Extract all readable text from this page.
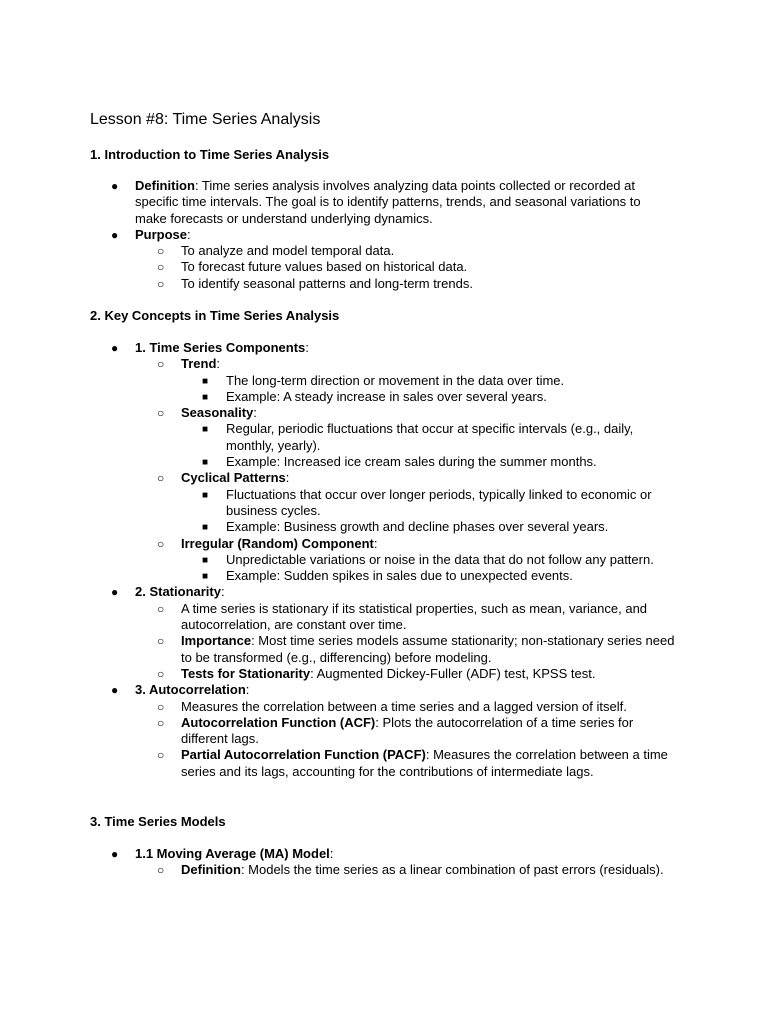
Lesson #8: Time Series Analysis
1. Introduction to Time Series Analysis
● Definition: Time series analysis involves analyzing data points collected or recorded at specific time intervals. The goal is to identify patterns, trends, and seasonal variations to make forecasts or understand underlying dynamics.
● Purpose:
○ To analyze and model temporal data.
○ To forecast future values based on historical data.
○ To identify seasonal patterns and long-term trends.
2. Key Concepts in Time Series Analysis
● 1. Time Series Components:
○ Trend:
■ The long-term direction or movement in the data over time.
■ Example: A steady increase in sales over several years.
○ Seasonality:
■ Regular, periodic fluctuations that occur at specific intervals (e.g., daily, monthly, yearly).
■ Example: Increased ice cream sales during the summer months.
○ Cyclical Patterns:
■ Fluctuations that occur over longer periods, typically linked to economic or business cycles.
■ Example: Business growth and decline phases over several years.
○ Irregular (Random) Component:
■ Unpredictable variations or noise in the data that do not follow any pattern.
■ Example: Sudden spikes in sales due to unexpected events.
● 2. Stationarity:
○ A time series is stationary if its statistical properties, such as mean, variance, and autocorrelation, are constant over time.
○ Importance: Most time series models assume stationarity; non-stationary series need to be transformed (e.g., differencing) before modeling.
○ Tests for Stationarity: Augmented Dickey-Fuller (ADF) test, KPSS test.
● 3. Autocorrelation:
○ Measures the correlation between a time series and a lagged version of itself.
○ Autocorrelation Function (ACF): Plots the autocorrelation of a time series for different lags.
○ Partial Autocorrelation Function (PACF): Measures the correlation between a time series and its lags, accounting for the contributions of intermediate lags.
3. Time Series Models
● 1.1 Moving Average (MA) Model:
○ Definition: Models the time series as a linear combination of past errors (residuals).
